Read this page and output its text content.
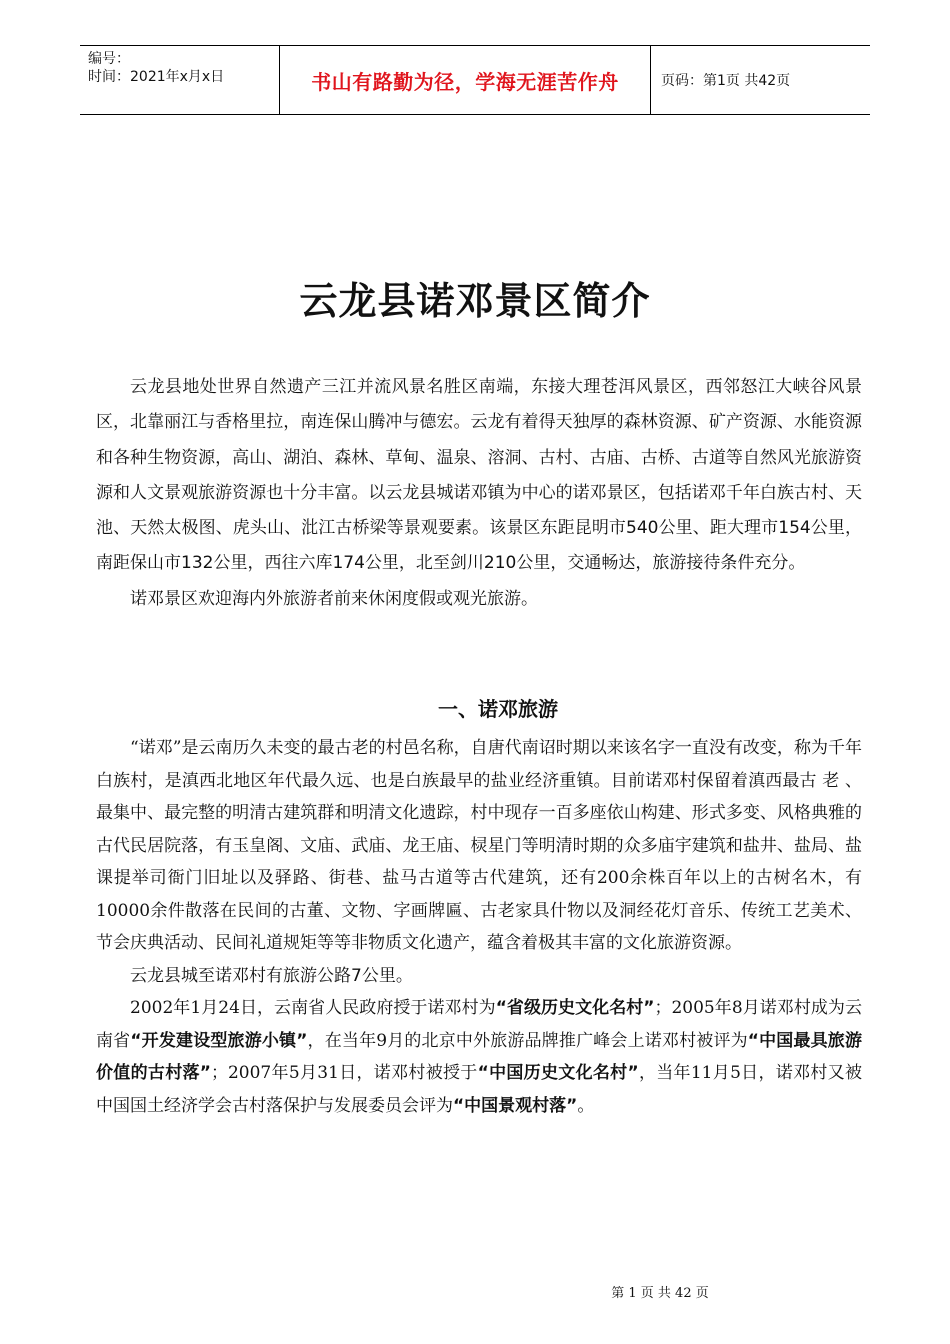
编号：
时间：2021年x月x日	书山有路勤为径，学海无涯苦作舟	页码：第1页 共42页
云龙县诺邓景区简介

云龙县地处世界自然遗产三江并流风景名胜区南端，东接大理苍洱风景区，西邻怒江大峡谷风景区，北靠丽江与香格里拉，南连保山腾冲与德宏。云龙有着得天独厚的森林资源、矿产资源、水能资源和各种生物资源，高山、湖泊、森林、草甸、温泉、溶洞、古村、古庙、古桥、古道等自然风光旅游资源和人文景观旅游资源也十分丰富。以云龙县城诺邓镇为中心的诺邓景区，包括诺邓千年白族古村、天池、天然太极图、虎头山、沘江古桥梁等景观要素。该景区东距昆明市540公里、距大理市154公里，南距保山市132公里，西往六库174公里，北至剑川210公里，交通畅达，旅游接待条件充分。

诺邓景区欢迎海内外旅游者前来休闲度假或观光旅游。

一、诺邓旅游

“诺邓”是云南历久未变的最古老的村邑名称，自唐代南诏时期以来该名字一直没有改变，称为千年白族村，是滇西北地区年代最久远、也是白族最早的盐业经济重镇。目前诺邓村保留着滇西最古 老 、 最集中、最完整的明清古建筑群和明清文化遗踪，村中现存一百多座依山构建、形式多变、风格典雅的古代民居院落，有玉皇阁、文庙、武庙、龙王庙、棂星门等明清时期的众多庙宇建筑和盐井、盐局、盐课提举司衙门旧址以及驿路、街巷、盐马古道等古代建筑，还有200余株百年以上的古树名木，有10000余件散落在民间的古董、文物、字画牌匾、古老家具什物以及洞经花灯音乐、传统工艺美术、节会庆典活动、民间礼道规矩等等非物质文化遗产，蕴含着极其丰富的文化旅游资源。

云龙县城至诺邓村有旅游公路7公里。

2002年1月24日，云南省人民政府授于诺邓村为“省级历史文化名村”；2005年8月诺邓村成为云南省“开发建设型旅游小镇”，在当年9月的北京中外旅游品牌推广峰会上诺邓村被评为“中国最具旅游价值的古村落”；2007年5月31日，诺邓村被授于“中国历史文化名村”，当年11月5日，诺邓村又被中国国土经济学会古村落保护与发展委员会评为“中国景观村落”。

第 1 页 共 42 页
